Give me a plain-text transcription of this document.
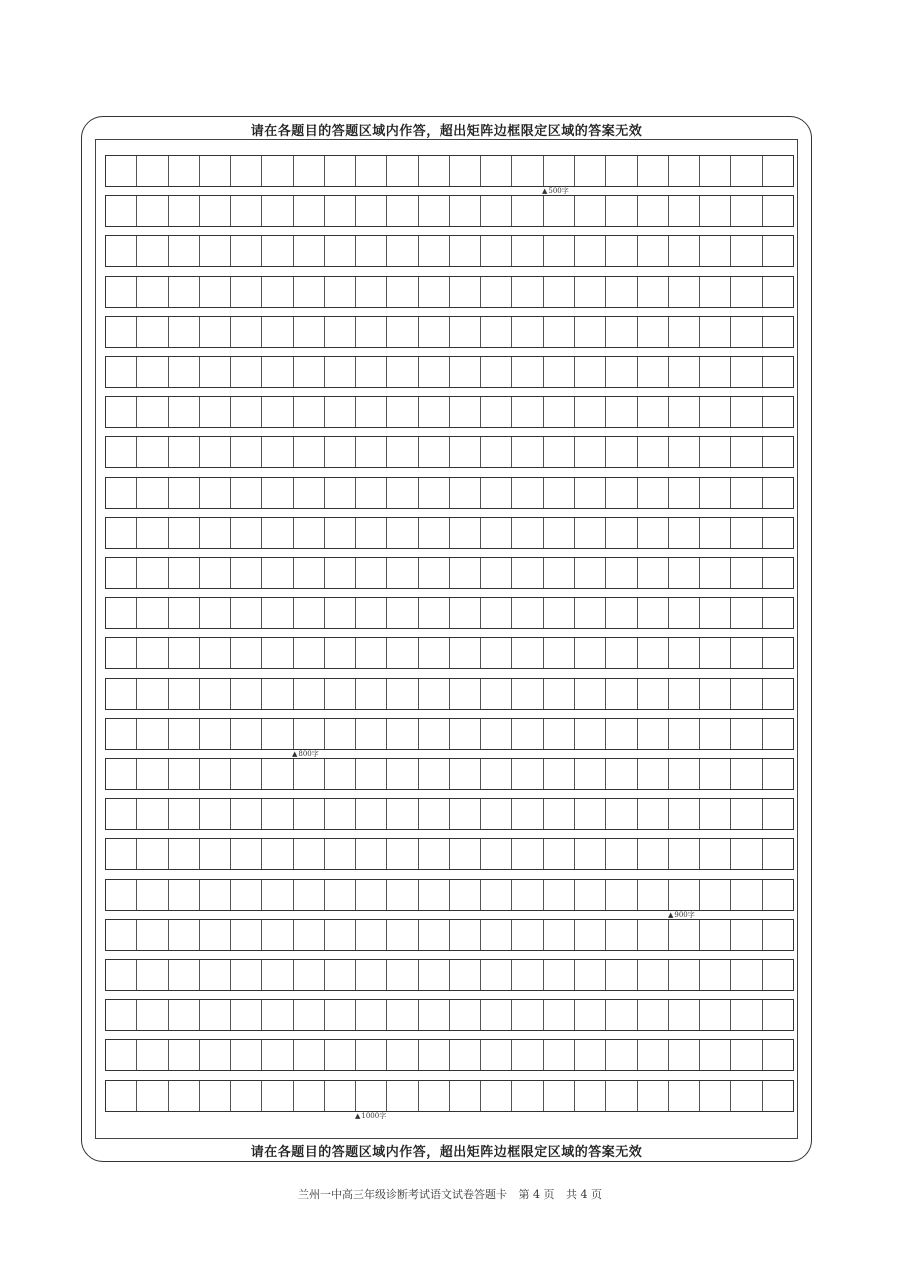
请在各题目的答题区域内作答，超出矩阵边框限定区域的答案无效
请在各题目的答题区域内作答，超出矩阵边框限定区域的答案无效
▲500字
▲800字
▲900字
▲1000字
兰州一中高三年级诊断考试语文试卷答题卡 第 4 页 共 4 页
